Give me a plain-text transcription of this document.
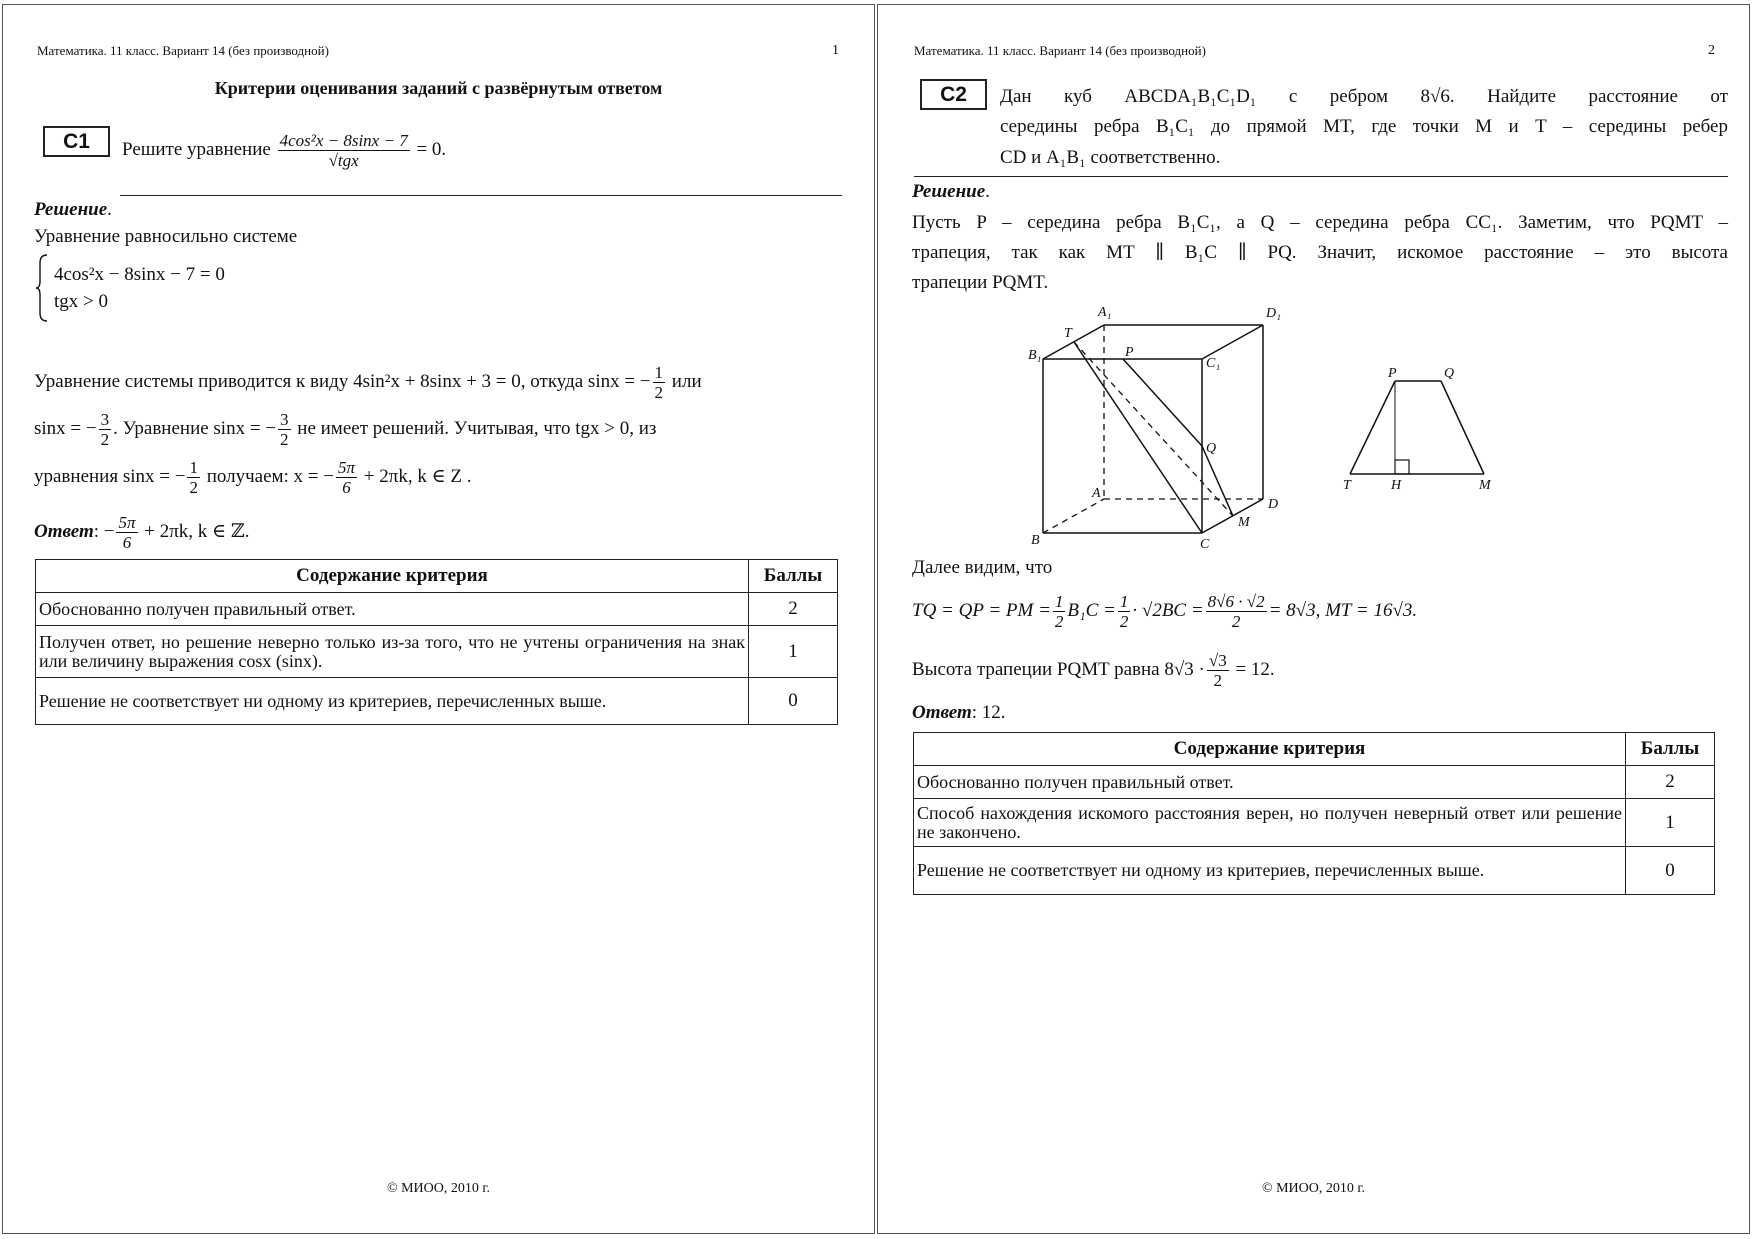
Математика. 11 класс. Вариант 14 (без производной)	1
Критерии оценивания заданий с развёрнутым ответом
C1	Решите уравнение $\frac{\text{4cos²x − 8sinx − 7}}{\text{√tgx}} = 0$.
Решение.
Уравнение равносильно системе
4cos²x − 8sinx − 7 = 0
tgx > 0
Уравнение системы приводится к виду 4sin²x + 8sinx + 3 = 0, откуда sinx = − $\frac{1}{2}$ или
sinx = − $\frac{3}{2}$ . Уравнение sinx = − $\frac{3}{2}$ не имеет решений. Учитывая, что tgx > 0, из
уравнения sinx = − $\frac{1}{2}$ получаем: x = − $\frac{5\pi}{6} + 2\pi k$, k ∈ Z .
Ответ: − $\frac{5\pi}{6} + 2\pi k$, k ∈ ℤ.
Содержание критерия	Баллы
Обоснованно получен правильный ответ.	2
Получен ответ, но решение неверно только из-за того, что не учтены ограничения на знак или величину выражения cosx (sinx).	1
Решение не соответствует ни одному из критериев, перечисленных выше.	0
© МИОО, 2010 г.
Математика. 11 класс. Вариант 14 (без производной)	2
C2	Дан куб ABCDA₁B₁C₁D₁ с ребром 8√6. Найдите расстояние от
середины ребра B₁C₁ до прямой MT, где точки M и T – середины ребер
CD и A₁B₁ соответственно.
Решение.
Пусть P – середина ребра B₁C₁, а Q – середина ребра CC₁. Заметим, что PQMT –
трапеция, так как MT ∥ B₁C ∥ PQ. Значит, искомое расстояние – это высота
трапеции PQMT.
A₁	D₁
B₁
C₁
T
P
Q
A
D
B	C
M
P	Q
T	H	M
Далее видим, что
TQ = QP = PM = $\frac{1}{2} B_1C = \frac{1}{2} \cdot √2BC = \frac{8√6 \cdot √2}{2} = 8√3$, MT = 16√3.
Высота трапеции PQMT равна $8√3 \cdot \frac{√3}{2} = 12$.
Ответ: 12.
Содержание критерия	Баллы
Обоснованно получен правильный ответ.	2
Способ нахождения искомого расстояния верен, но получен неверный ответ или решение не закончено.	1
Решение не соответствует ни одному из критериев, перечисленных выше.	0
© МИОО, 2010 г.
